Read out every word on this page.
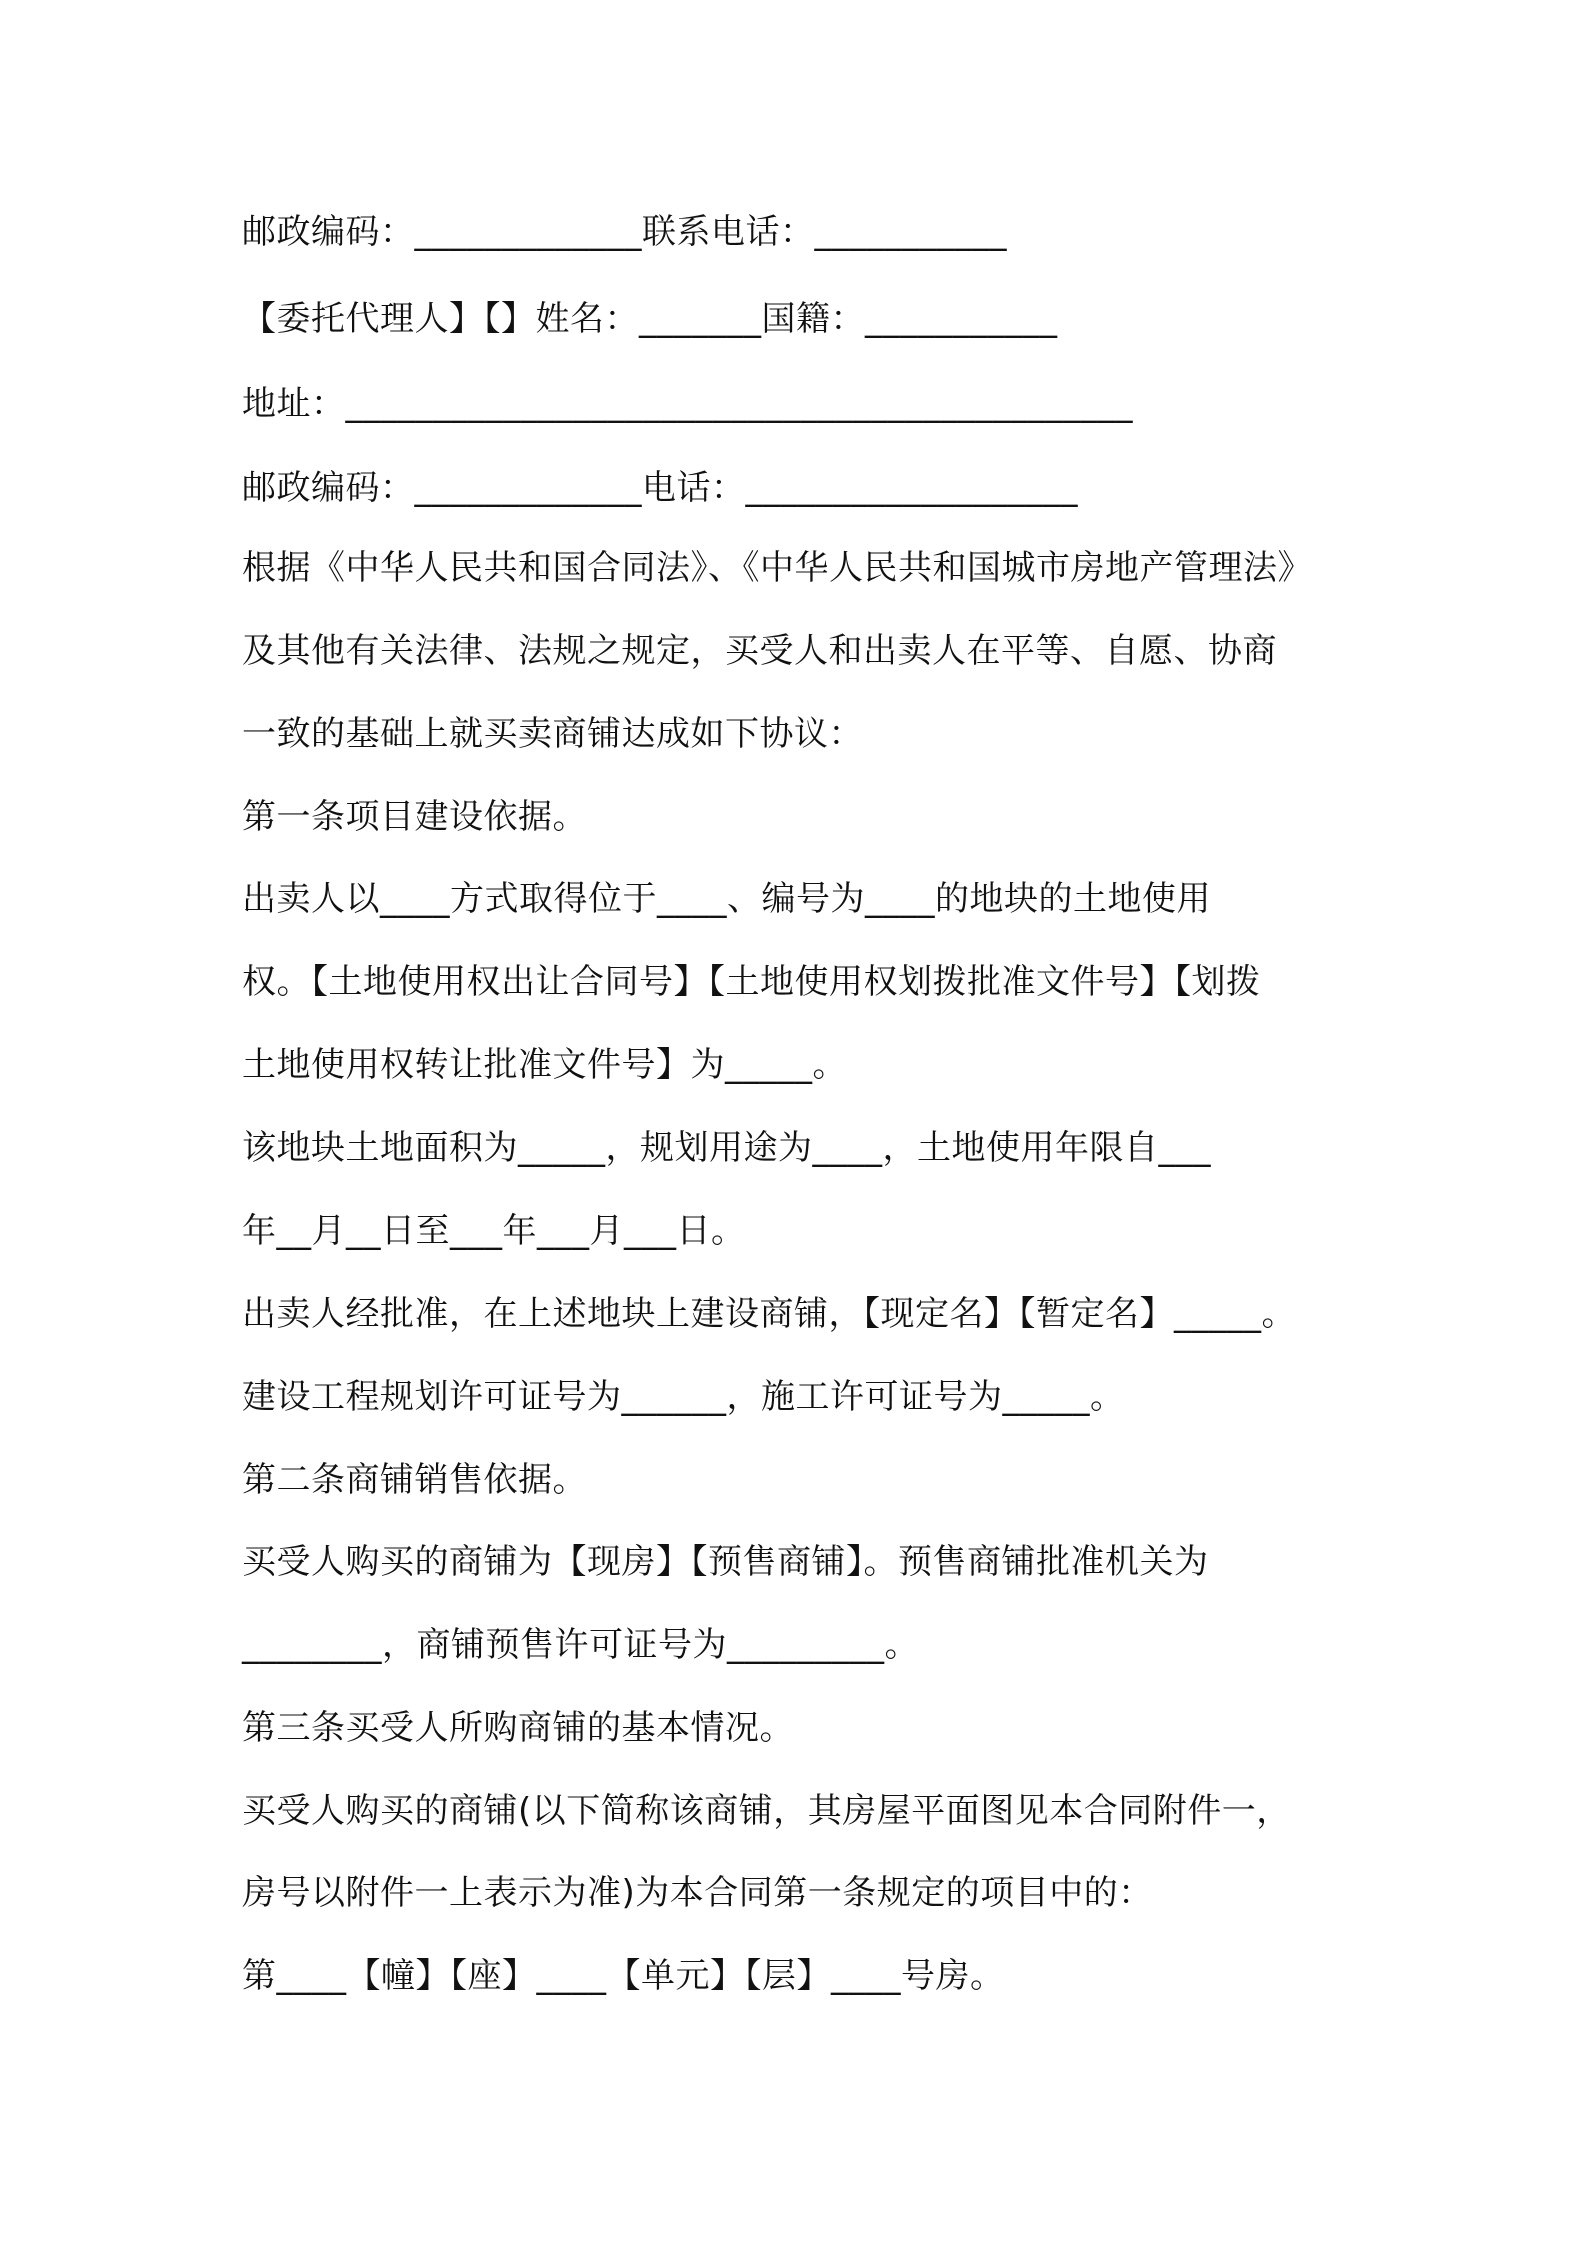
邮政编码：_____________联系电话：___________
【委托代理人】【】姓名：_______国籍：___________
地址：_____________________________________________
邮政编码：_____________电话：___________________
根据《中华人民共和国合同法》、《中华人民共和国城市房地产管理法》
及其他有关法律、法规之规定，买受人和出卖人在平等、自愿、协商
一致的基础上就买卖商铺达成如下协议：
第一条项目建设依据。
出卖人以____方式取得位于____、编号为____的地块的土地使用
权。【土地使用权出让合同号】【土地使用权划拨批准文件号】【划拨
土地使用权转让批准文件号】为_____。
该地块土地面积为_____，规划用途为____，土地使用年限自___
年__月__日至___年___月___日。
出卖人经批准，在上述地块上建设商铺，【现定名】【暂定名】_____。
建设工程规划许可证号为______，施工许可证号为_____。
第二条商铺销售依据。
买受人购买的商铺为【现房】【预售商铺】。预售商铺批准机关为
________，商铺预售许可证号为_________。
第三条买受人所购商铺的基本情况。
买受人购买的商铺(以下简称该商铺，其房屋平面图见本合同附件一，
房号以附件一上表示为准)为本合同第一条规定的项目中的：
第____【幢】【座】____【单元】【层】____号房。
